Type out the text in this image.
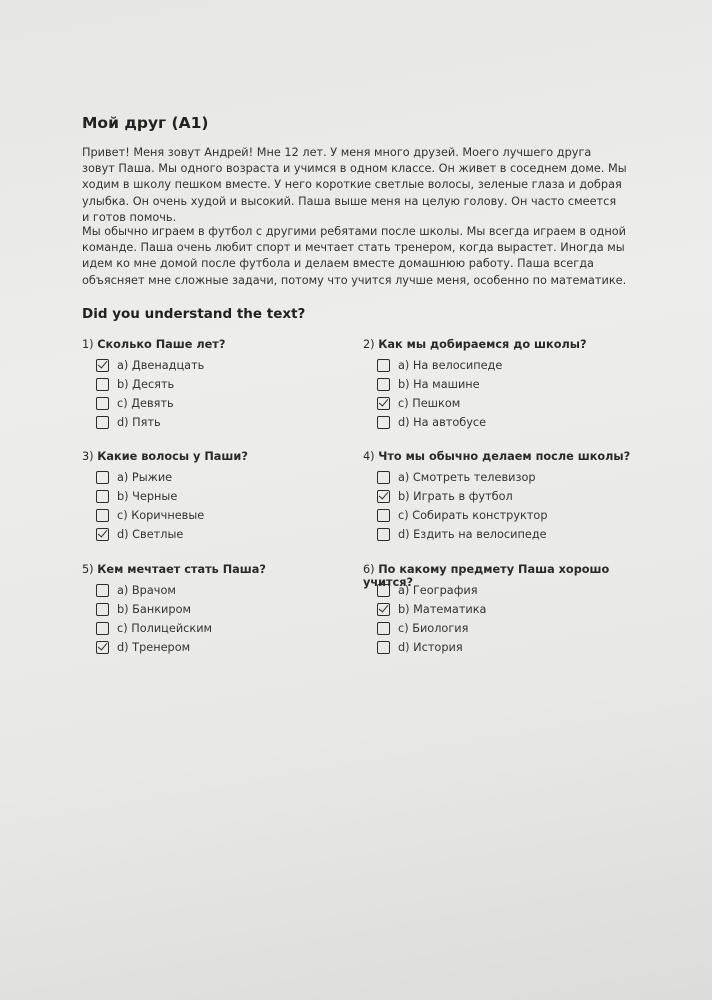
Мой друг (A1)
Привет! Меня зовут Андрей! Мне 12 лет. У меня много друзей. Моего лучшего друга зовут Паша. Мы одного возраста и учимся в одном классе. Он живет в соседнем доме. Мы ходим в школу пешком вместе. У него короткие светлые волосы, зеленые глаза и добрая улыбка. Он очень худой и высокий. Паша выше меня на целую голову. Он часто смеется и готов помочь.
Мы обычно играем в футбол с другими ребятами после школы. Мы всегда играем в одной команде. Паша очень любит спорт и мечтает стать тренером, когда вырастет. Иногда мы идем ко мне домой после футбола и делаем вместе домашнюю работу. Паша всегда объясняет мне сложные задачи, потому что учится лучше меня, особенно по математике.
Did you understand the text?
1) Сколько Паше лет?
a) Двенадцать
b) Десять
c) Девять
d) Пять
2) Как мы добираемся до школы?
a) На велосипеде
b) На машине
c) Пешком
d) На автобусе
3) Какие волосы у Паши?
a) Рыжие
b) Черные
c) Коричневые
d) Светлые
4) Что мы обычно делаем после школы?
a) Смотреть телевизор
b) Играть в футбол
c) Собирать конструктор
d) Ездить на велосипеде
5) Кем мечтает стать Паша?
a) Врачом
b) Банкиром
c) Полицейским
d) Тренером
6) По какому предмету Паша хорошо учится?
a) География
b) Математика
c) Биология
d) История
